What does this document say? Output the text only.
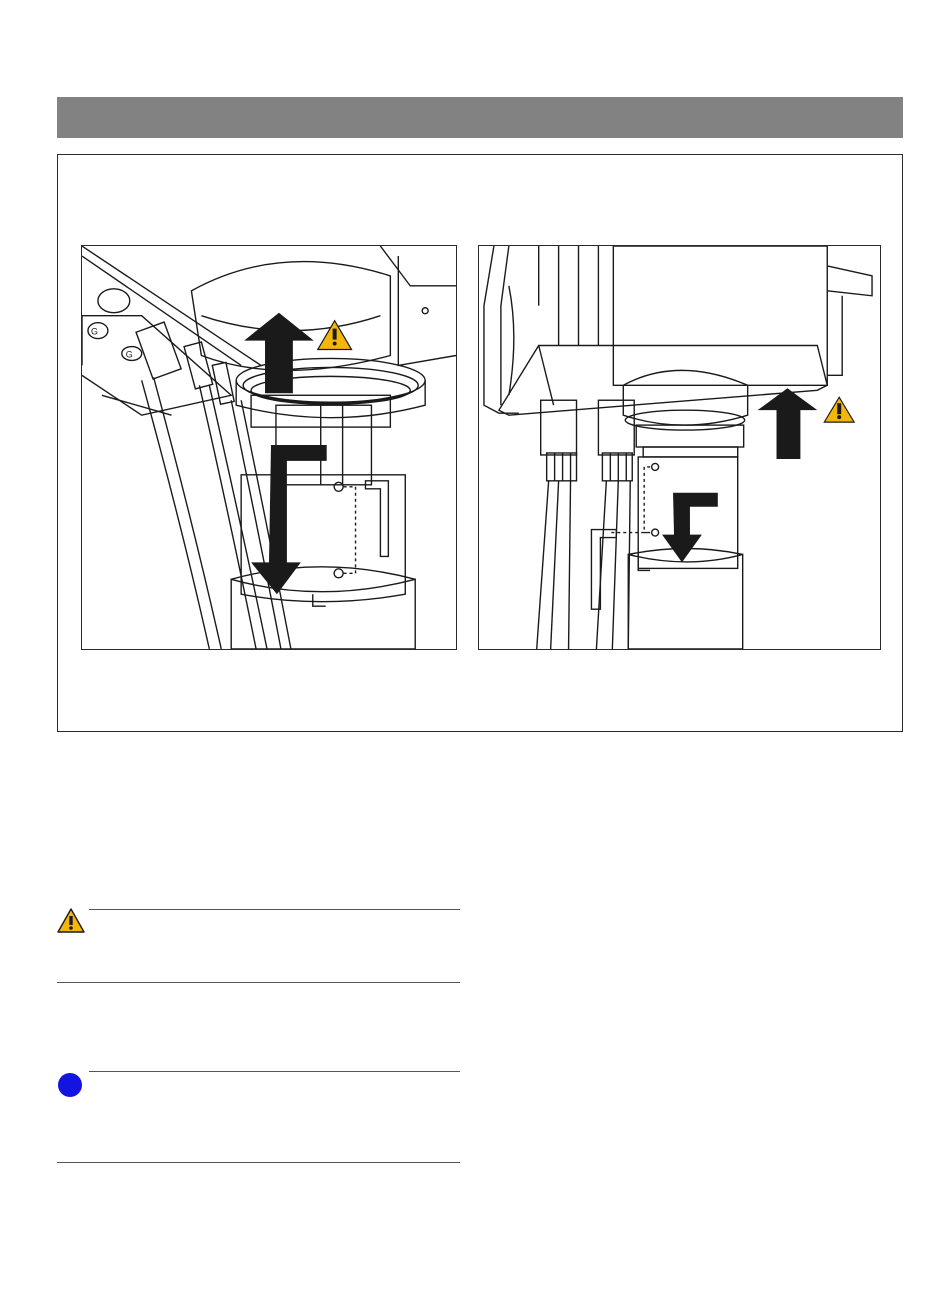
G
G
